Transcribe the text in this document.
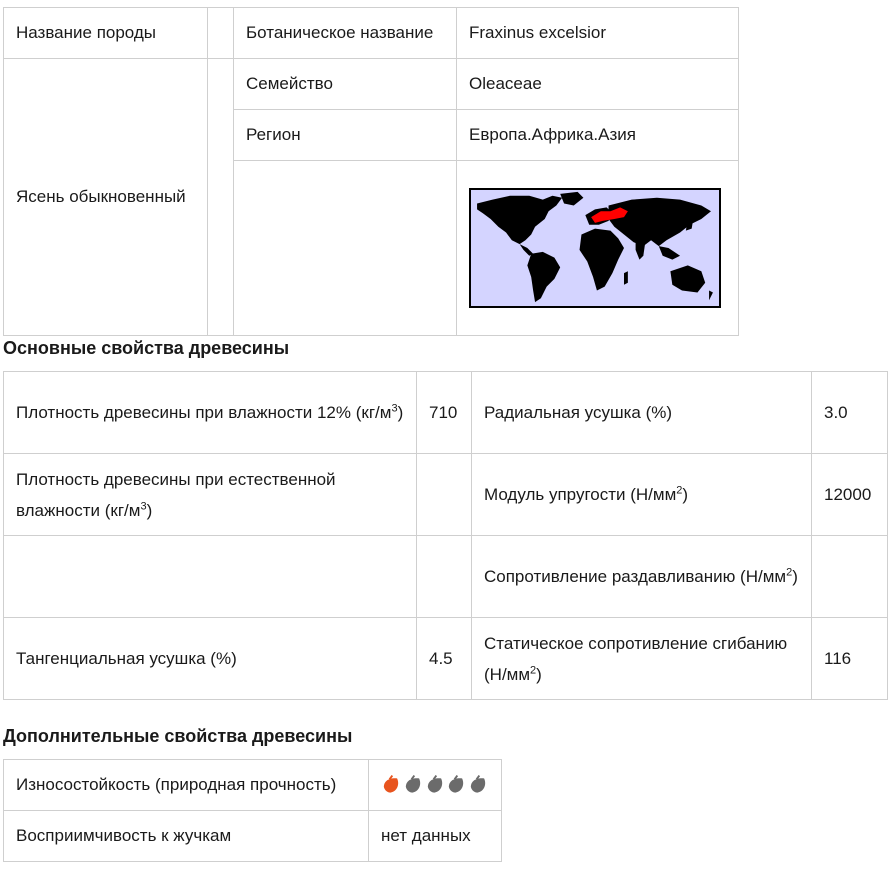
Название породы		Ботаническое название	Fraxinus excelsior
Ясень обыкновенный		Семейство	Oleaceae
		Регион	Европа.Африка.Азия

Основные свойства древесины
Плотность древесины при влажности 12% $(кг/м^3)$	710	Радиальная усушка (%)	3.0
Плотность древесины при естественной влажности $(кг/м^3)$		Модуль упругости $(Н/мм^2)$	12000
		Сопротивление раздавливанию $(Н/мм^2)$	
Тангенциальная усушка (%)	4.5	Статическое сопротивление сгибанию $(Н/мм^2)$	116
Дополнительные свойства древесины
Износостойкость (природная прочность)	

Восприимчивость к жучкам	нет данных
